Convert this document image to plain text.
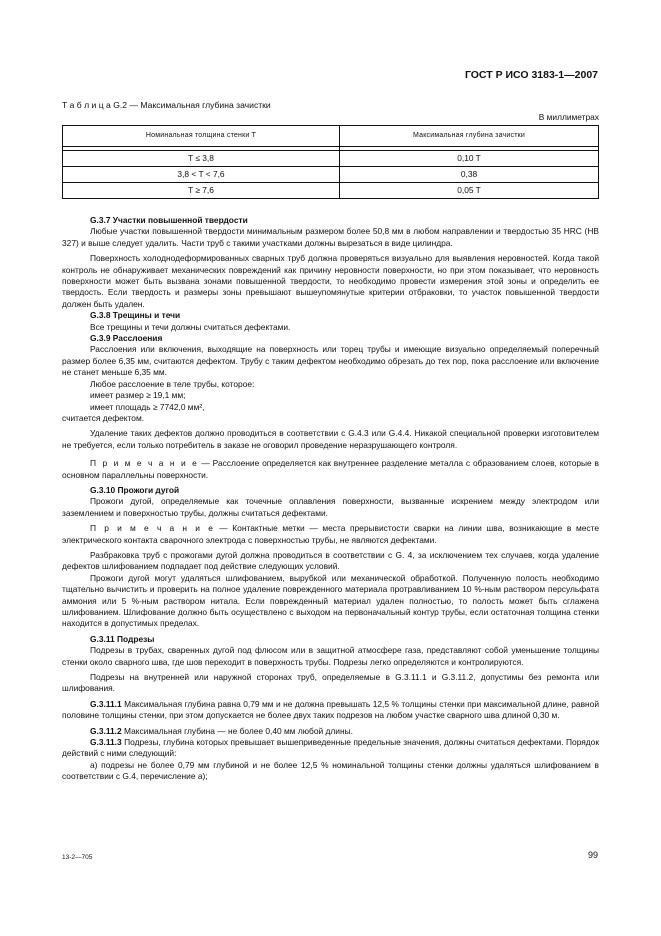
ГОСТ Р ИСО 3183-1—2007
Т а б л и ц а G.2 — Максимальная глубина зачистки
В миллиметрах
Номинальная толщина стенки T	Максимальная глубина зачистки

T ≤ 3,8	0,10 T
3,8 < T < 7,6	0,38
T ≥ 7,6	0,05 T
G.3.7 Участки повышенной твердости

Любые участки повышенной твердости минимальным размером более 50,8 мм в любом направлении и твердостью 35 HRC (HB 327) и выше следует удалить. Части труб с такими участками должны вырезаться в виде цилиндра.

Поверхность холоднодеформированных сварных труб должна проверяться визуально для выявления неровностей. Когда такой контроль не обнаруживает механических повреждений как причину неровности поверхности, но при этом показывает, что неровность поверхности может быть вызвана зонами повышенной твердости, то необходимо провести измерения этой зоны и определить ее твердость. Если твердость и размеры зоны превышают вышеупомянутые критерии отбраковки, то участок повышенной твердости должен быть удален.

G.3.8 Трещины и течи

Все трещины и течи должны считаться дефектами.

G.3.9 Расслоения

Расслоения или включения, выходящие на поверхность или торец трубы и имеющие визуально определяемый поперечный размер более 6,35 мм, считаются дефектом. Трубу с таким дефектом необходимо обрезать до тех пор, пока расслоение или включение не станет меньше 6,35 мм.

Любое расслоение в теле трубы, которое:

имеет размер ≥ 19,1 мм;

имеет площадь ≥ 7742,0 мм²,

считается дефектом.

Удаление таких дефектов должно проводиться в соответствии с G.4.3 или G.4.4. Никакой специальной проверки изготовителем не требуется, если только потребитель в заказе не оговорил проведение неразрушающего контроля.

П р и м е ч а н и е — Расслоение определяется как внутреннее разделение металла с образованием слоев, которые в основном параллельны поверхности.

G.3.10 Прожоги дугой

Прожоги дугой, определяемые как точечные оплавления поверхности, вызванные искрением между электродом или заземлением и поверхностью трубы, должны считаться дефектами.

П р и м е ч а н и е — Контактные метки — места прерывистости сварки на линии шва, возникающие в месте электрического контакта сварочного электрода с поверхностью трубы, не являются дефектами.

Разбраковка труб с прожогами дугой должна проводиться в соответствии с G. 4, за исключением тех случаев, когда удаление дефектов шлифованием подпадает под действие следующих условий.

Прожоги дугой могут удаляться шлифованием, вырубкой или механической обработкой. Полученную полость необходимо тщательно вычистить и проверить на полное удаление поврежденного материала протравливанием 10 %-ным раствором персульфата аммония или 5 %-ным раствором нитала. Если поврежденный материал удален полностью, то полость может быть сглажена шлифованием. Шлифование должно быть осуществлено с выходом на первоначальный контур трубы, если остаточная толщина стенки находится в допустимых пределах.

G.3.11 Подрезы

Подрезы в трубах, сваренных дугой под флюсом или в защитной атмосфере газа, представляют собой уменьшение толщины стенки около сварного шва, где шов переходит в поверхность трубы. Подрезы легко определяются и контролируются.

Подрезы на внутренней или наружной сторонах труб, определяемые в G.3.11.1 и G.3.11.2, допустимы без ремонта или шлифования.

G.3.11.1 Максимальная глубина равна 0,79 мм и не должна превышать 12,5 % толщины стенки при максимальной длине, равной половине толщины стенки, при этом допускается не более двух таких подрезов на любом участке сварного шва длиной 0,30 м.

G.3.11.2 Максимальная глубина — не более 0,40 мм любой длины.

G.3.11.3 Подрезы, глубина которых превышает вышеприведенные предельные значения, должны считаться дефектами. Порядок действий с ними следующий:

а) подрезы не более 0,79 мм глубиной и не более 12,5 % номинальной толщины стенки должны удаляться шлифованием в соответствии с G.4, перечисление а);

13-2—705	99
